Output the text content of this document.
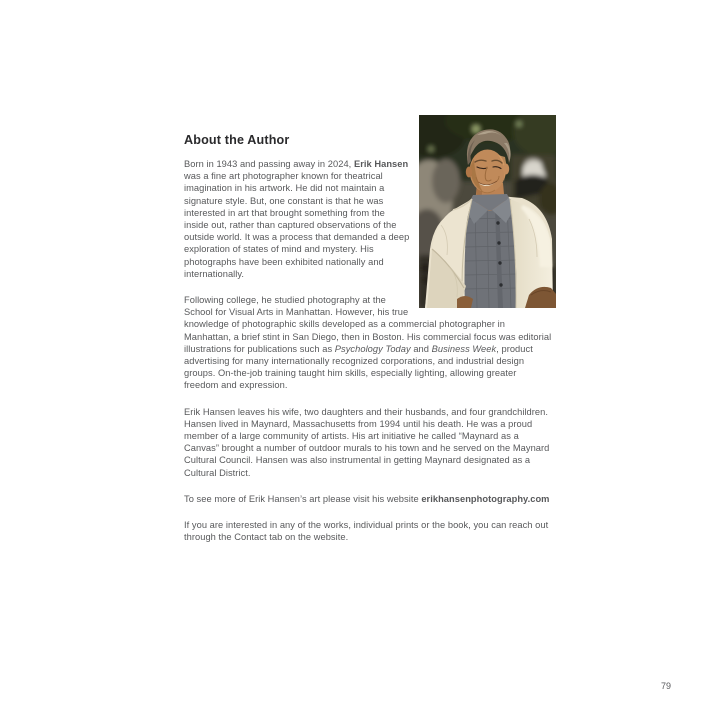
About the Author

Born in 1943 and passing away in 2024, Erik Hansen was a fine art photographer known for theatrical imagination in his artwork. He did not maintain a signature style. But, one constant is that he was interested in art that brought something from the inside out, rather than captured observations of the outside world. It was a process that demanded a deep exploration of states of mind and mystery. His photographs have been exhibited nationally and internationally.

Following college, he studied photography at the School for Visual Arts in Manhattan. However, his true knowledge of photographic skills developed as a commercial photographer in Manhattan, a brief stint in San Diego, then in Boston. His commercial focus was editorial illustrations for publications such as Psychology Today and Business Week, product advertising for many internationally recognized corporations, and industrial design groups. On-the-job training taught him skills, especially lighting, allowing greater freedom and expression.

Erik Hansen leaves his wife, two daughters and their husbands, and four grandchildren. Hansen lived in Maynard, Massachusetts from 1994 until his death. He was a proud member of a large community of artists. His art initiative he called “Maynard as a Canvas” brought a number of outdoor murals to his town and he served on the Maynard Cultural Council. Hansen was also instrumental in getting Maynard designated as a Cultural District.

To see more of Erik Hansen’s art please visit his website erikhansenphotography.com

If you are interested in any of the works, individual prints or the book, you can reach out through the Contact tab on the website.

79
